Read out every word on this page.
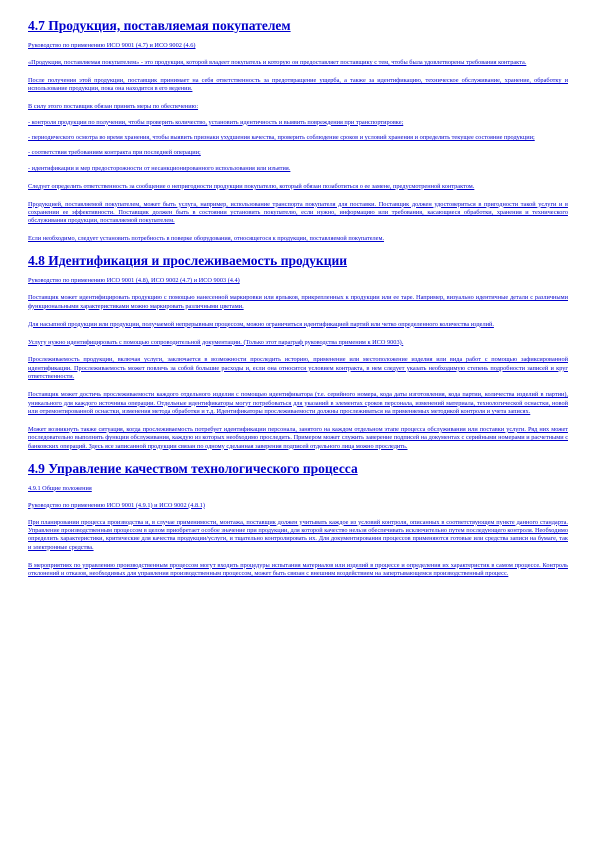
4.7 Продукция, поставляемая покупателем
Руководство по применению ИСО 9001 (4.7) и ИСО 9002 (4.6)
«Продукция, поставляемая покупателем» - это продукция, которой владеет покупатель и которую он предоставляет поставщику с тем, чтобы была удовлетворены требования контракта.
После получения этой продукции, поставщик принимает на себя ответственность за предотвращение ущерба, а также за идентификацию, техническое обслуживание, хранение, обработку и использование продукции, пока она находится в его ведении.
В силу этого поставщик обязан принять меры по обеспечению:
- контроля продукции по получении, чтобы проверить количество, установить идентичность и выявить повреждения при транспортировке;
- периодического осмотра во время хранения, чтобы выявить признаки ухудшения качества, проверить соблюдение сроков и условий хранения и определить текущее состояние продукции;
- соответствия требованиям контракта при последней операции;
- идентификации и мер предосторожности от несанкционированного использования или изъятия.
Следует определить ответственность за сообщение о непригодности продукции покупателю, который обязан позаботиться о ее замене, предусмотренной контрактом.
Продукцией, поставляемой покупателем, может быть услуга, например, использование транспорта покупателя для поставки. Поставщик должен удостовериться в пригодности такой услуги и в сохранении ее эффективности. Поставщик должен быть в состоянии установить покупателю, если нужно, информацию или требования, касающиеся обработки, хранения и технического обслуживания продукции, поставляемой покупателем.
Если необходимо, следует установить потребность в поверке оборудования, относящегося к продукции, поставляемой покупателем.
4.8 Идентификация и прослеживаемость продукции
Руководство по применению ИСО 9001 (4.8), ИСО 9002 (4.7) и ИСО 9003 (4.4)
Поставщик может идентифицировать продукцию с помощью нанесенной маркировки или ярлыков, прикрепленных к продукции или ее таре. Например, визуально идентичные детали с различными функциональными характеристиками можно маркировать различными цветами.
Для насыпной продукции или продукции, получаемой непрерывным процессом, можно ограничиться идентификацией партий или четко определенного количества изделий.
Услугу нужно идентифицировать с помощью сопроводительной документации. (Только этот параграф руководства применим к ИСО 9003).
Прослеживаемость продукции, включая услуги, заключается в возможности проследить историю, применение или местоположение изделия или вида работ с помощью зафиксированной идентификации. Прослеживаемость может повлечь за собой большие расходы и, если она относится условием контракта, в нем следует указать необходимую степень подробности записей и круг ответственности.
Поставщик может достичь прослеживаемости каждого отдельного изделия с помощью идентификатора (т.е. серийного номера, кода даты изготовления, кода партии, количества изделий в партии), уникального для каждого источника операции. Отдельные идентификаторы могут потребоваться для указаний в элементах сроков персонала, изменений материала, технологической оснастки, новой или отремонтированной оснастки, изменения метода обработки и т.д. Идентификаторы прослеживаемости должны прослеживаться на применяемых методикой контроля и учета записях.
Может возникнуть также ситуация, когда прослеживаемость потребует идентификации персонала, занятого на каждом отдельном этапе процесса обслуживания или поставки услуги. Ряд них может последовательно выполнять функции обслуживания, каждую из которых необходимо проследить. Примером может служить заверение подписей на документах с серийными номерами и расчетными с банковских операций. Здесь ясе записанной продукции связан по одному сделанная заверения подписей отдельного лица можно проследить.
4.9 Управление качеством технологического процесса
4.9.1 Общие положения
Руководство по применению ИСО 9001 (4.9.1) и ИСО 9002 (4.8.1)
При планировании процесса производства и, в случае применимости, монтажа, поставщик должен учитывать каждое из условий контроля, описанных в соответствующем пункте данного стандарта. Управление производственным процессом в целом приобретает особое значение при продукции, для которой качество нельзя обеспечивать исключительно путем последующего контроля. Необходимо определить характеристики, критические для качества продукции/услуги, и тщательно контролировать их. Для документирования процессов применяются готовые или средства записи на бумаге, так и электронные средства.
В мероприятиях по управлению производственным процессом могут входить процедуры испытания материалов или изделий в процессе и определения их характеристик в самом процессе. Контроль отклонений и отказов, необходимых для управления производственным процессом, может быть связан с внешним воздействием на запертывающемся производственный процесс.
